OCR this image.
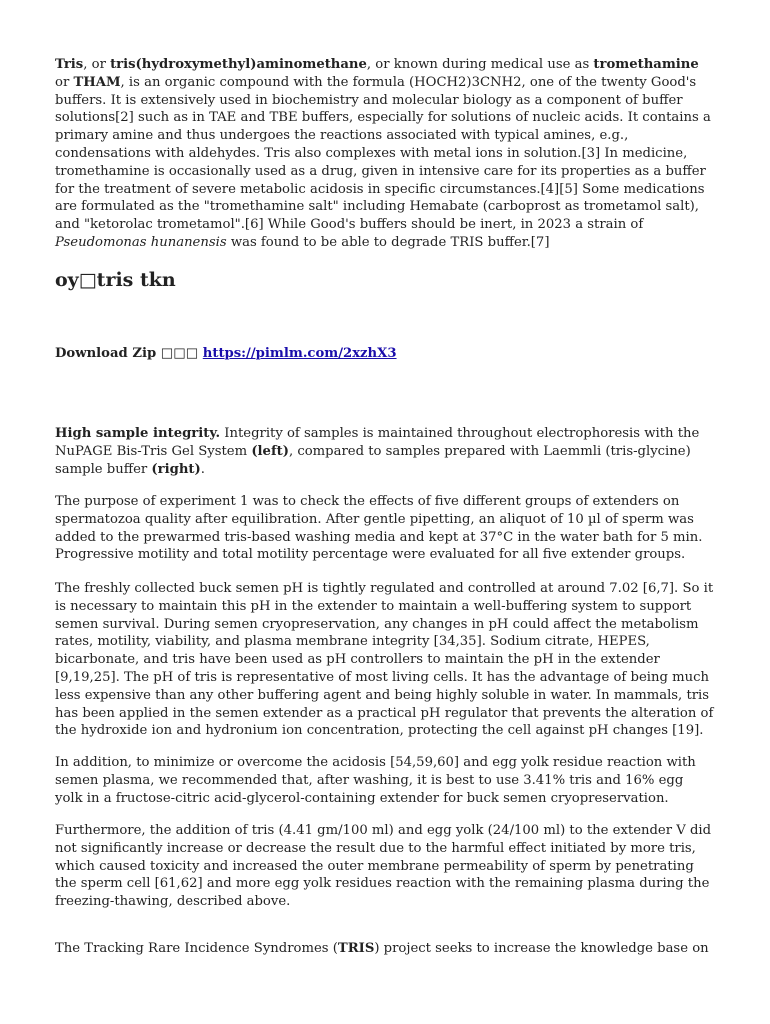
Tris, or tris(hydroxymethyl)aminomethane, or known during medical use as tromethamine or THAM, is an organic compound with the formula (HOCH2)3CNH2, one of the twenty Good's buffers. It is extensively used in biochemistry and molecular biology as a component of buffer solutions[2] such as in TAE and TBE buffers, especially for solutions of nucleic acids. It contains a primary amine and thus undergoes the reactions associated with typical amines, e.g., condensations with aldehydes. Tris also complexes with metal ions in solution.[3] In medicine, tromethamine is occasionally used as a drug, given in intensive care for its properties as a buffer for the treatment of severe metabolic acidosis in specific circumstances.[4][5] Some medications are formulated as the "tromethamine salt" including Hemabate (carboprost as trometamol salt), and "ketorolac trometamol".[6] While Good's buffers should be inert, in 2023 a strain of Pseudomonas hunanensis was found to be able to degrade TRIS buffer.[7]

oy□tris tkn
Download Zip □□□ https://pimlm.com/2xzhX3

High sample integrity. Integrity of samples is maintained throughout electrophoresis with the NuPAGE Bis-Tris Gel System (left), compared to samples prepared with Laemmli (tris-glycine) sample buffer (right).

The purpose of experiment 1 was to check the effects of five different groups of extenders on spermatozoa quality after equilibration. After gentle pipetting, an aliquot of 10 µl of sperm was added to the prewarmed tris-based washing media and kept at 37°C in the water bath for 5 min. Progressive motility and total motility percentage were evaluated for all five extender groups.

The freshly collected buck semen pH is tightly regulated and controlled at around 7.02 [6,7]. So it is necessary to maintain this pH in the extender to maintain a well-buffering system to support semen survival. During semen cryopreservation, any changes in pH could affect the metabolism rates, motility, viability, and plasma membrane integrity [34,35]. Sodium citrate, HEPES, bicarbonate, and tris have been used as pH controllers to maintain the pH in the extender [9,19,25]. The pH of tris is representative of most living cells. It has the advantage of being much less expensive than any other buffering agent and being highly soluble in water. In mammals, tris has been applied in the semen extender as a practical pH regulator that prevents the alteration of the hydroxide ion and hydronium ion concentration, protecting the cell against pH changes [19].

In addition, to minimize or overcome the acidosis [54,59,60] and egg yolk residue reaction with semen plasma, we recommended that, after washing, it is best to use 3.41% tris and 16% egg yolk in a fructose-citric acid-glycerol-containing extender for buck semen cryopreservation.

Furthermore, the addition of tris (4.41 gm/100 ml) and egg yolk (24/100 ml) to the extender V did not significantly increase or decrease the result due to the harmful effect initiated by more tris, which caused toxicity and increased the outer membrane permeability of sperm by penetrating the sperm cell [61,62] and more egg yolk residues reaction with the remaining plasma during the freezing-thawing, described above.

The Tracking Rare Incidence Syndromes (TRIS) project seeks to increase the knowledge base on
